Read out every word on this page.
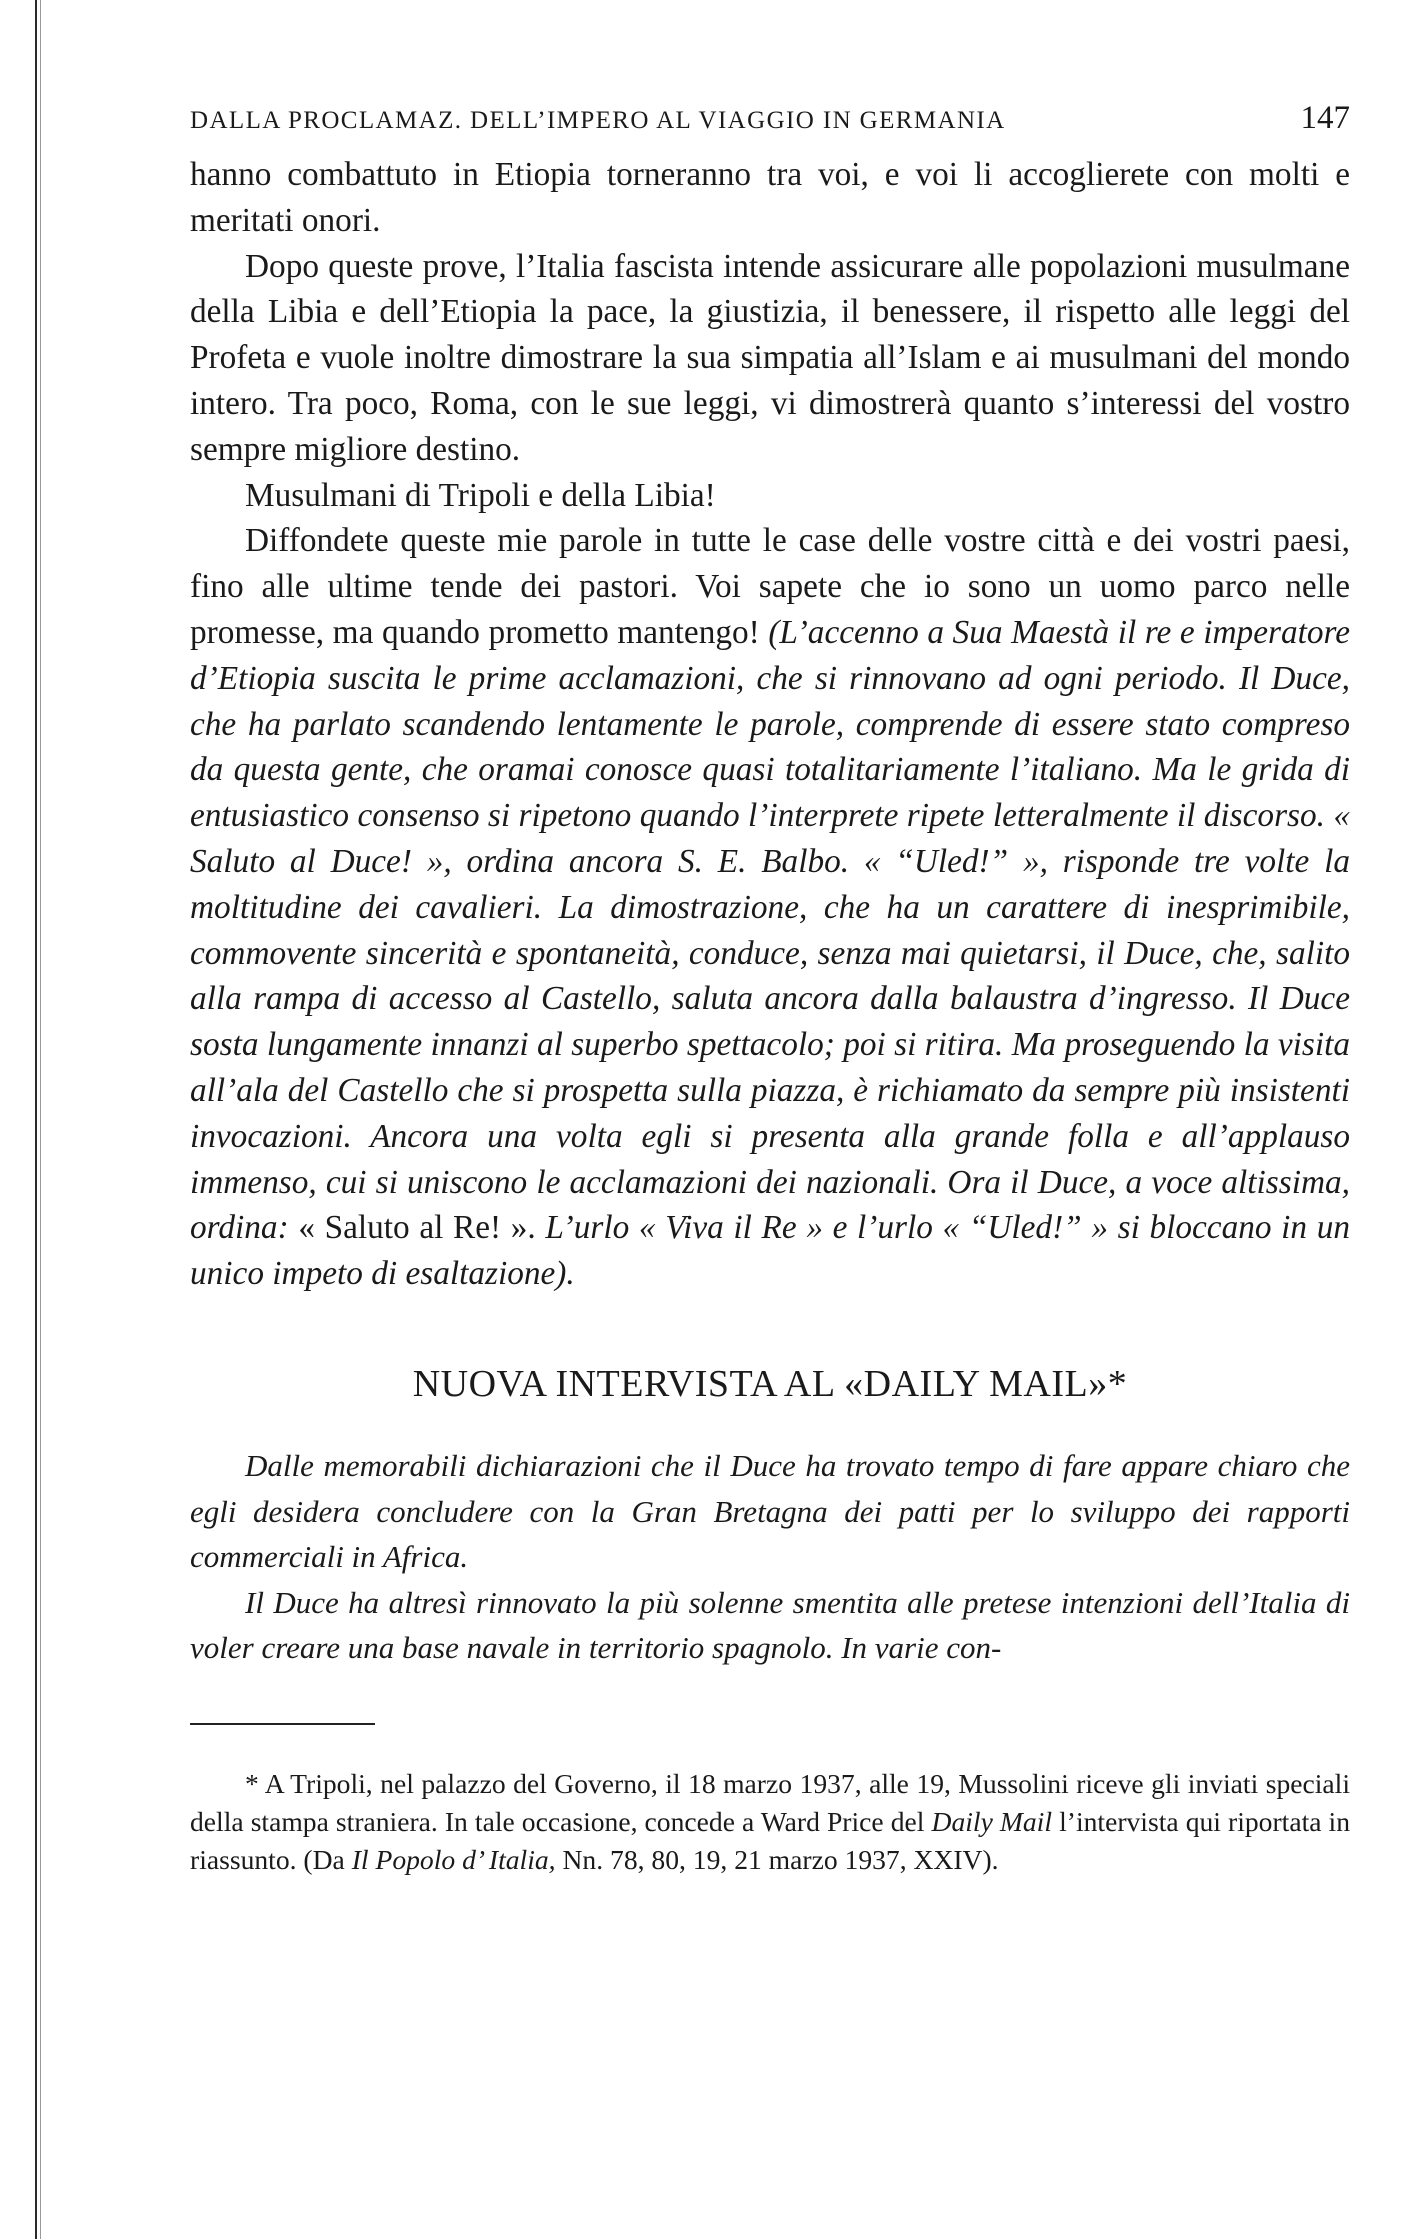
DALLA PROCLAMAZ. DELL’IMPERO AL VIAGGIO IN GERMANIA	147

hanno combattuto in Etiopia torneranno tra voi, e voi li accoglierete con molti e meritati onori.

Dopo queste prove, l’Italia fascista intende assicurare alle popolazioni musulmane della Libia e dell’Etiopia la pace, la giustizia, il benessere, il rispetto alle leggi del Profeta e vuole inoltre dimostrare la sua simpatia all’Islam e ai musulmani del mondo intero. Tra poco, Roma, con le sue leggi, vi dimostrerà quanto s’interessi del vostro sempre migliore destino.

Musulmani di Tripoli e della Libia!

Diffondete queste mie parole in tutte le case delle vostre città e dei vostri paesi, fino alle ultime tende dei pastori. Voi sapete che io sono un uomo parco nelle promesse, ma quando prometto mantengo! (L’accenno a Sua Maestà il re e imperatore d’Etiopia suscita le prime acclamazioni, che si rinnovano ad ogni periodo. Il Duce, che ha parlato scandendo lentamente le parole, comprende di essere stato compreso da questa gente, che oramai conosce quasi totalitariamente l’italiano. Ma le grida di entusiastico consenso si ripetono quando l’interprete ripete letteralmente il discorso. « Saluto al Duce! », ordina ancora S. E. Balbo. « “Uled!” », risponde tre volte la moltitudine dei cavalieri. La dimostrazione, che ha un carattere di inesprimibile, commovente sincerità e spontaneità, conduce, senza mai quietarsi, il Duce, che, salito alla rampa di accesso al Castello, saluta ancora dalla balaustra d’ingresso. Il Duce sosta lungamente innanzi al superbo spettacolo; poi si ritira. Ma proseguendo la visita all’ala del Castello che si prospetta sulla piazza, è richiamato da sempre più insistenti invocazioni. Ancora una volta egli si presenta alla grande folla e all’applauso immenso, cui si uniscono le acclamazioni dei nazionali. Ora il Duce, a voce altissima, ordina: « Saluto al Re! ». L’urlo « Viva il Re » e l’urlo « “Uled!” » si bloccano in un unico impeto di esaltazione).

NUOVA INTERVISTA AL «DAILY MAIL»*

Dalle memorabili dichiarazioni che il Duce ha trovato tempo di fare appare chiaro che egli desidera concludere con la Gran Bretagna dei patti per lo sviluppo dei rapporti commerciali in Africa.

Il Duce ha altresì rinnovato la più solenne smentita alle pretese intenzioni dell’Italia di voler creare una base navale in territorio spagnolo. In varie con-

* A Tripoli, nel palazzo del Governo, il 18 marzo 1937, alle 19, Mussolini riceve gli inviati speciali della stampa straniera. In tale occasione, concede a Ward Price del Daily Mail l’intervista qui riportata in riassunto. (Da Il Popolo d’ Italia, Nn. 78, 80, 19, 21 marzo 1937, XXIV).
